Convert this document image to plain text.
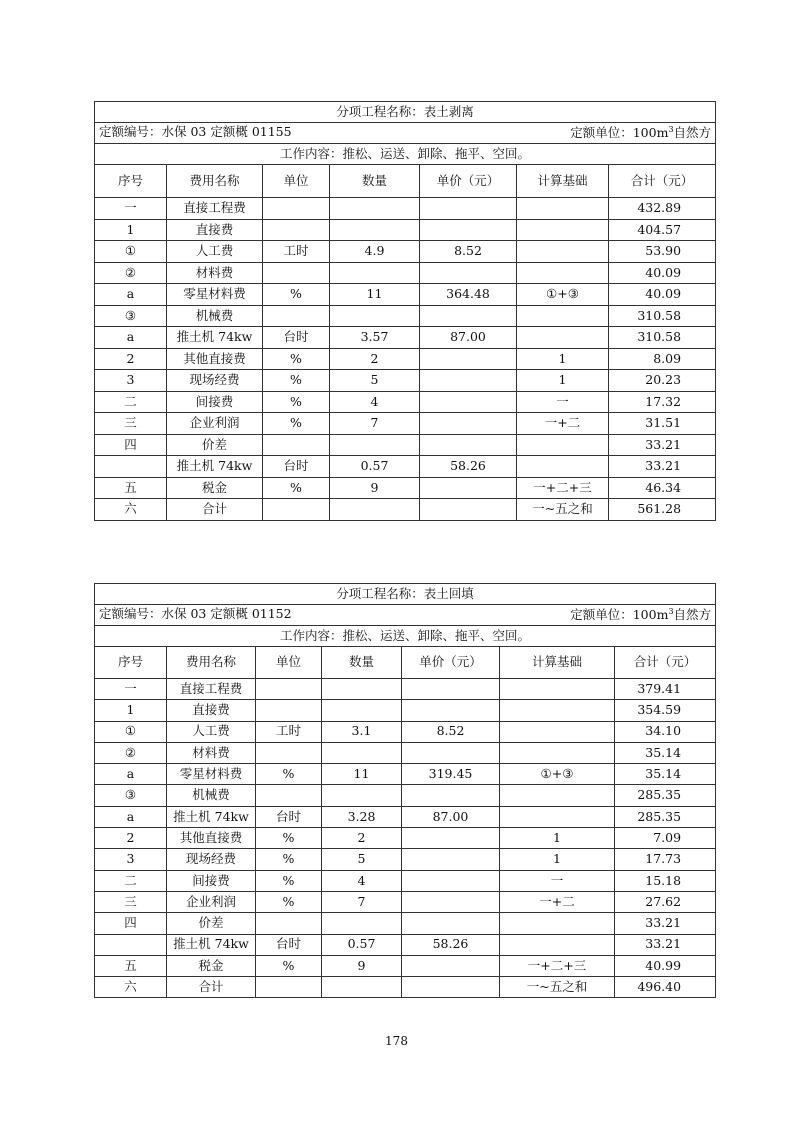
分项工程名称：表土剥离						

定额编号：水保 03 定额概 01155 定额单位：$100m^3$自然方						

工作内容：推松、运送、卸除、拖平、空回。						
序号	费用名称	单位	数量	单价（元）	计算基础	合计（元）
一	直接工程费					432.89
1	直接费					404.57
①	人工费	工时	4.9	8.52		53.90
②	材料费					40.09
a	零星材料费	%	11	364.48	①+③	40.09
③	机械费					310.58
a	推土机 74kw	台时	3.57	87.00		310.58
2	其他直接费	%	2		1	8.09
3	现场经费	%	5		1	20.23
二	间接费	%	4		一	17.32
三	企业利润	%	7		一+二	31.51
四	价差					33.21
	推土机 74kw	台时	0.57	58.26		33.21
五	税金	%	9		一+二+三	46.34
六	合计				一~五之和	561.28
分项工程名称：表土回填						

定额编号：水保 03 定额概 01152 定额单位：$100m^3$自然方						

工作内容：推松、运送、卸除、拖平、空回。						
序号	费用名称	单位	数量	单价（元）	计算基础	合计（元）
一	直接工程费					379.41
1	直接费					354.59
①	人工费	工时	3.1	8.52		34.10
②	材料费					35.14
a	零星材料费	%	11	319.45	①+③	35.14
③	机械费					285.35
a	推土机 74kw	台时	3.28	87.00		285.35
2	其他直接费	%	2		1	7.09
3	现场经费	%	5		1	17.73
二	间接费	%	4		一	15.18
三	企业利润	%	7		一+二	27.62
四	价差					33.21
	推土机 74kw	台时	0.57	58.26		33.21
五	税金	%	9		一+二+三	40.99
六	合计				一~五之和	496.40
178
